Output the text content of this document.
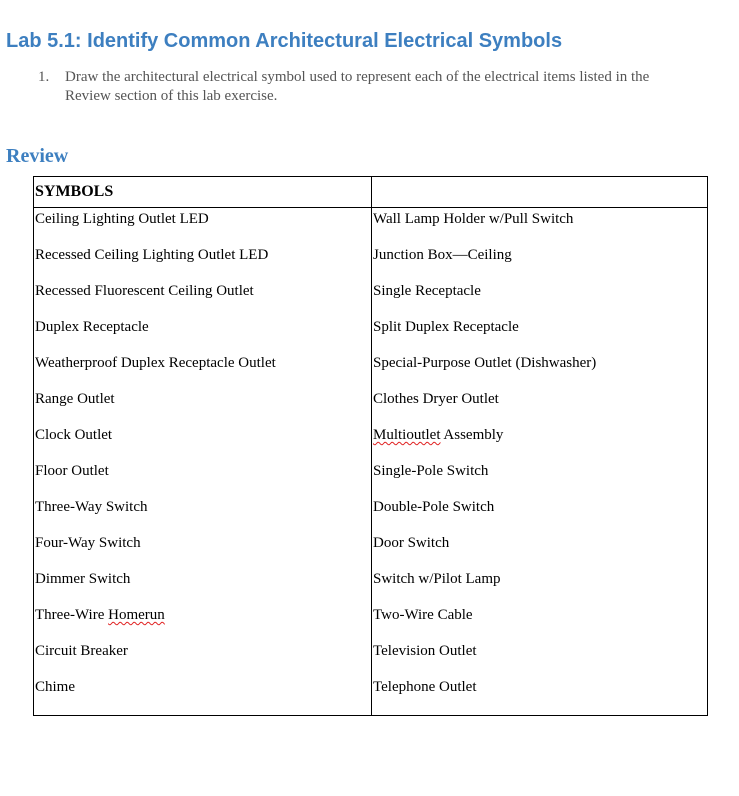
Lab 5.1: Identify Common Architectural Electrical Symbols
1.	Draw the architectural electrical symbol used to represent each of the electrical items listed in the Review section of this lab exercise.
Review
SYMBOLS
Ceiling Lighting Outlet LED
Recessed Ceiling Lighting Outlet LED
Recessed Fluorescent Ceiling Outlet
Duplex Receptacle
Weatherproof Duplex Receptacle Outlet
Range Outlet
Clock Outlet
Floor Outlet
Three-Way Switch
Four-Way Switch
Dimmer Switch
Three-Wire Homerun
Circuit Breaker
Chime
Wall Lamp Holder w/Pull Switch
Junction Box—Ceiling
Single Receptacle
Split Duplex Receptacle
Special-Purpose Outlet (Dishwasher)
Clothes Dryer Outlet
Multioutlet Assembly
Single-Pole Switch
Double-Pole Switch
Door Switch
Switch w/Pilot Lamp
Two-Wire Cable
Television Outlet
Telephone Outlet
